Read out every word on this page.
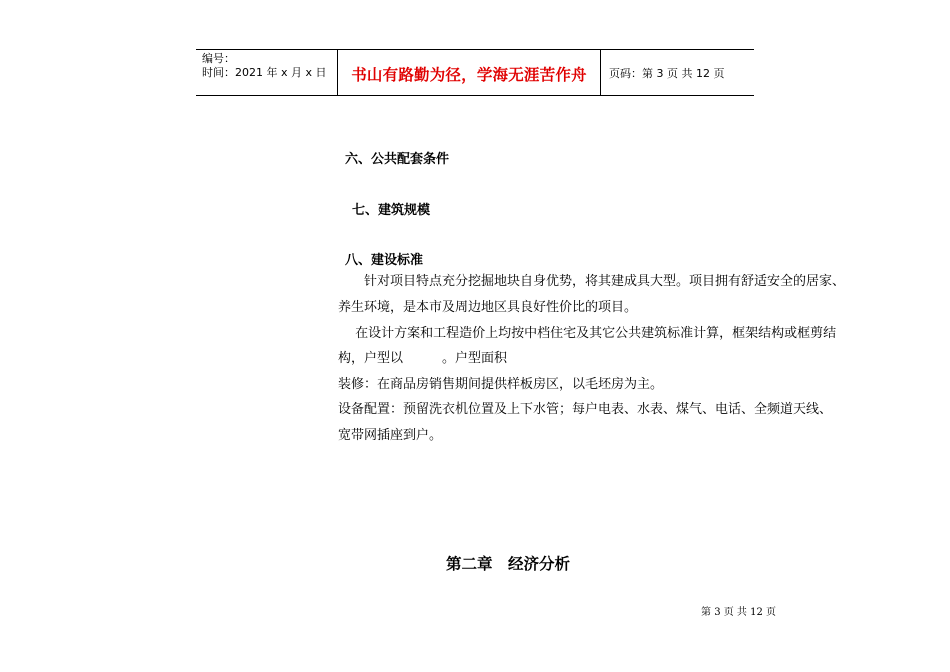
编号：
时间：2021 年 x 月 x 日	书山有路勤为径，学海无涯苦作舟 页码：第 3 页 共 12 页
六、公共配套条件
七、建筑规模
八、建设标准
　　针对项目特点充分挖掘地块自身优势，将其建成具大型。项目拥有舒适安全的居家、
养生环境，是本市及周边地区具良好性价比的项目。
　 在设计方案和工程造价上均按中档住宅及其它公共建筑标准计算，框架结构或框剪结
构，户型以　　　。户型面积
装修：在商品房销售期间提供样板房区，以毛坯房为主。
设备配置：预留洗衣机位置及上下水管；每户电表、水表、煤气、电话、全频道天线、
宽带网插座到户。
第二章　经济分析
第 3 页 共 12 页
